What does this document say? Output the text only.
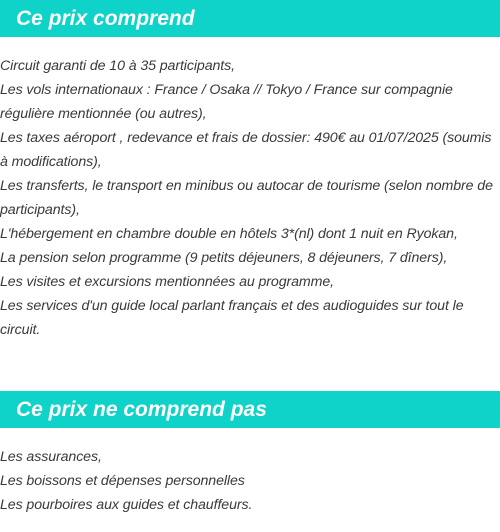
Ce prix comprend
Circuit garanti de 10 à 35 participants,
Les vols internationaux : France / Osaka // Tokyo / France sur compagnie régulière mentionnée (ou autres),
Les taxes aéroport , redevance et frais de dossier: 490€ au 01/07/2025 (soumis à modifications),
Les transferts, le transport en minibus ou autocar de tourisme (selon nombre de participants),
L'hébergement en chambre double en hôtels 3*(nl) dont 1 nuit en Ryokan,
La pension selon programme (9 petits déjeuners, 8 déjeuners, 7 dîners),
Les visites et excursions mentionnées au programme,
Les services d'un guide local parlant français et des audioguides sur tout le circuit.
Ce prix ne comprend pas
Les assurances,
Les boissons et dépenses personnelles
Les pourboires aux guides et chauffeurs.
